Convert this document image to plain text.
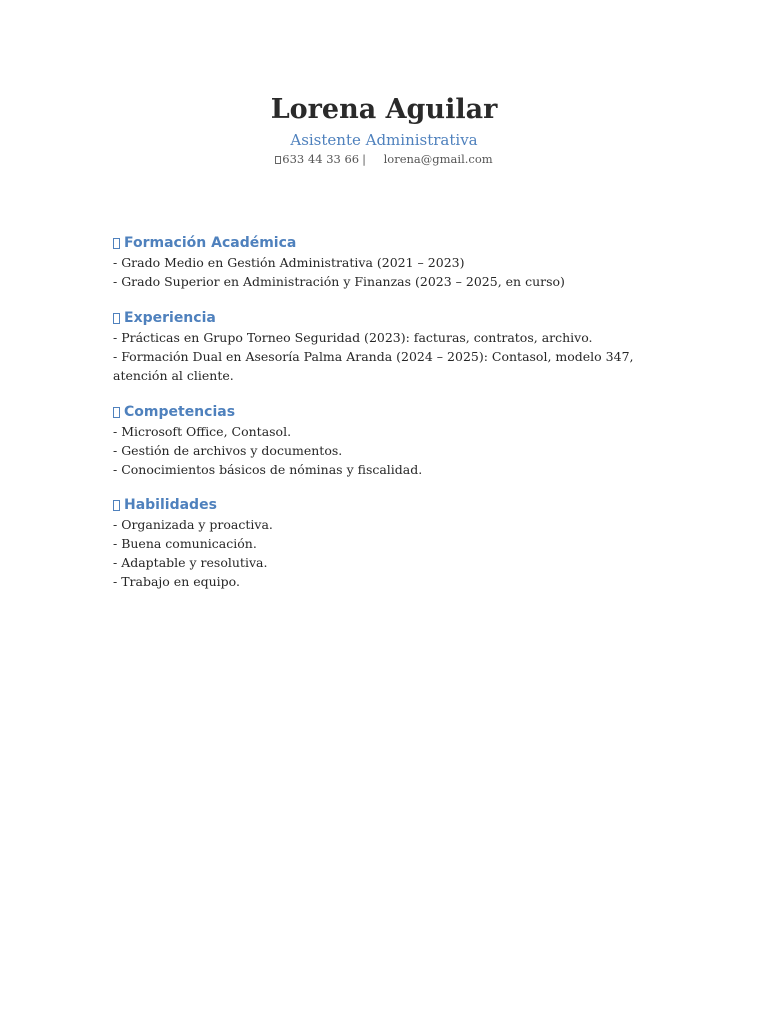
Lorena Aguilar
Asistente Administrativa
633 44 33 66 | lorena@gmail.com
Formación Académica
- Grado Medio en Gestión Administrativa (2021 – 2023)
- Grado Superior en Administración y Finanzas (2023 – 2025, en curso)
Experiencia
- Prácticas en Grupo Torneo Seguridad (2023): facturas, contratos, archivo.
- Formación Dual en Asesoría Palma Aranda (2024 – 2025): Contasol, modelo 347, atención al cliente.
Competencias
- Microsoft Office, Contasol.
- Gestión de archivos y documentos.
- Conocimientos básicos de nóminas y fiscalidad.
Habilidades
- Organizada y proactiva.
- Buena comunicación.
- Adaptable y resolutiva.
- Trabajo en equipo.
